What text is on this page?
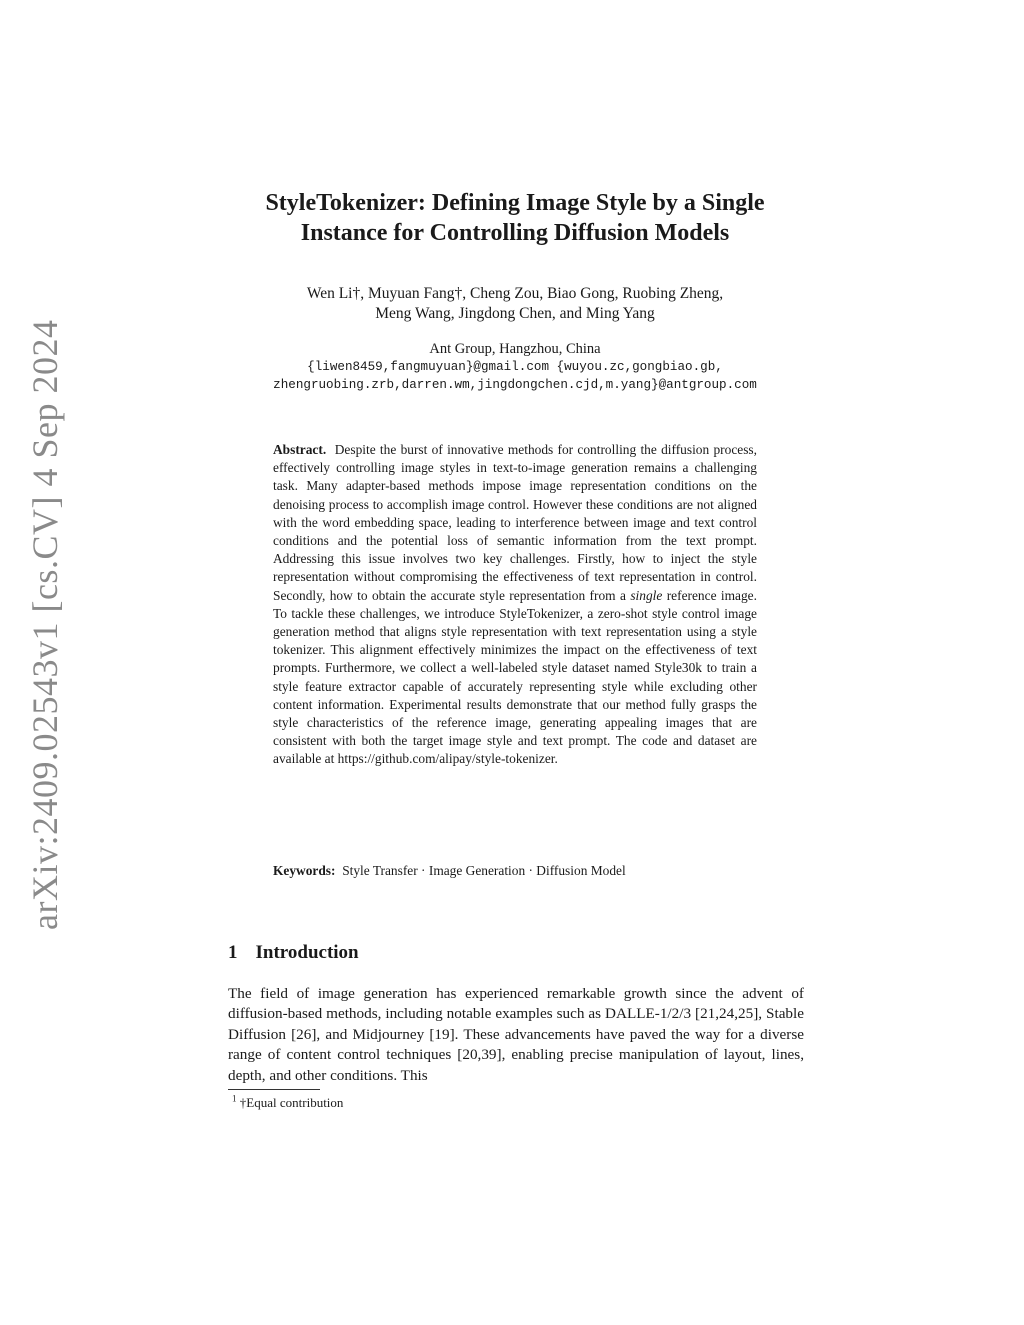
arXiv:2409.02543v1 [cs.CV] 4 Sep 2024
StyleTokenizer: Defining Image Style by a Single
Instance for Controlling Diffusion Models
Wen Li†, Muyuan Fang†, Cheng Zou, Biao Gong, Ruobing Zheng,
Meng Wang, Jingdong Chen, and Ming Yang
Ant Group, Hangzhou, China
{liwen8459,fangmuyuan}@gmail.com {wuyou.zc,gongbiao.gb,
zhengruobing.zrb,darren.wm,jingdongchen.cjd,m.yang}@antgroup.com

Abstract. Despite the burst of innovative methods for controlling the diffusion process, effectively controlling image styles in text-to-image generation remains a challenging task. Many adapter-based methods impose image representation conditions on the denoising process to accomplish image control. However these conditions are not aligned with the word embedding space, leading to interference between image and text control conditions and the potential loss of semantic information from the text prompt. Addressing this issue involves two key challenges. Firstly, how to inject the style representation without compromising the effectiveness of text representation in control. Secondly, how to obtain the accurate style representation from a single reference image. To tackle these challenges, we introduce StyleTokenizer, a zero-shot style control image generation method that aligns style representation with text representation using a style tokenizer. This alignment effectively minimizes the impact on the effectiveness of text prompts. Furthermore, we collect a well-labeled style dataset named Style30k to train a style feature extractor capable of accurately representing style while excluding other content information. Experimental results demonstrate that our method fully grasps the style characteristics of the reference image, generating appealing images that are consistent with both the target image style and text prompt. The code and dataset are available at https://github.com/alipay/style-tokenizer.

Keywords: Style Transfer · Image Generation · Diffusion Model
1 Introduction

The field of image generation has experienced remarkable growth since the advent of diffusion-based methods, including notable examples such as DALLE-1/2/3 [21,24,25], Stable Diffusion [26], and Midjourney [19]. These advancements have paved the way for a diverse range of content control techniques [20,39], enabling precise manipulation of layout, lines, depth, and other conditions. This

$^1$ †Equal contribution
